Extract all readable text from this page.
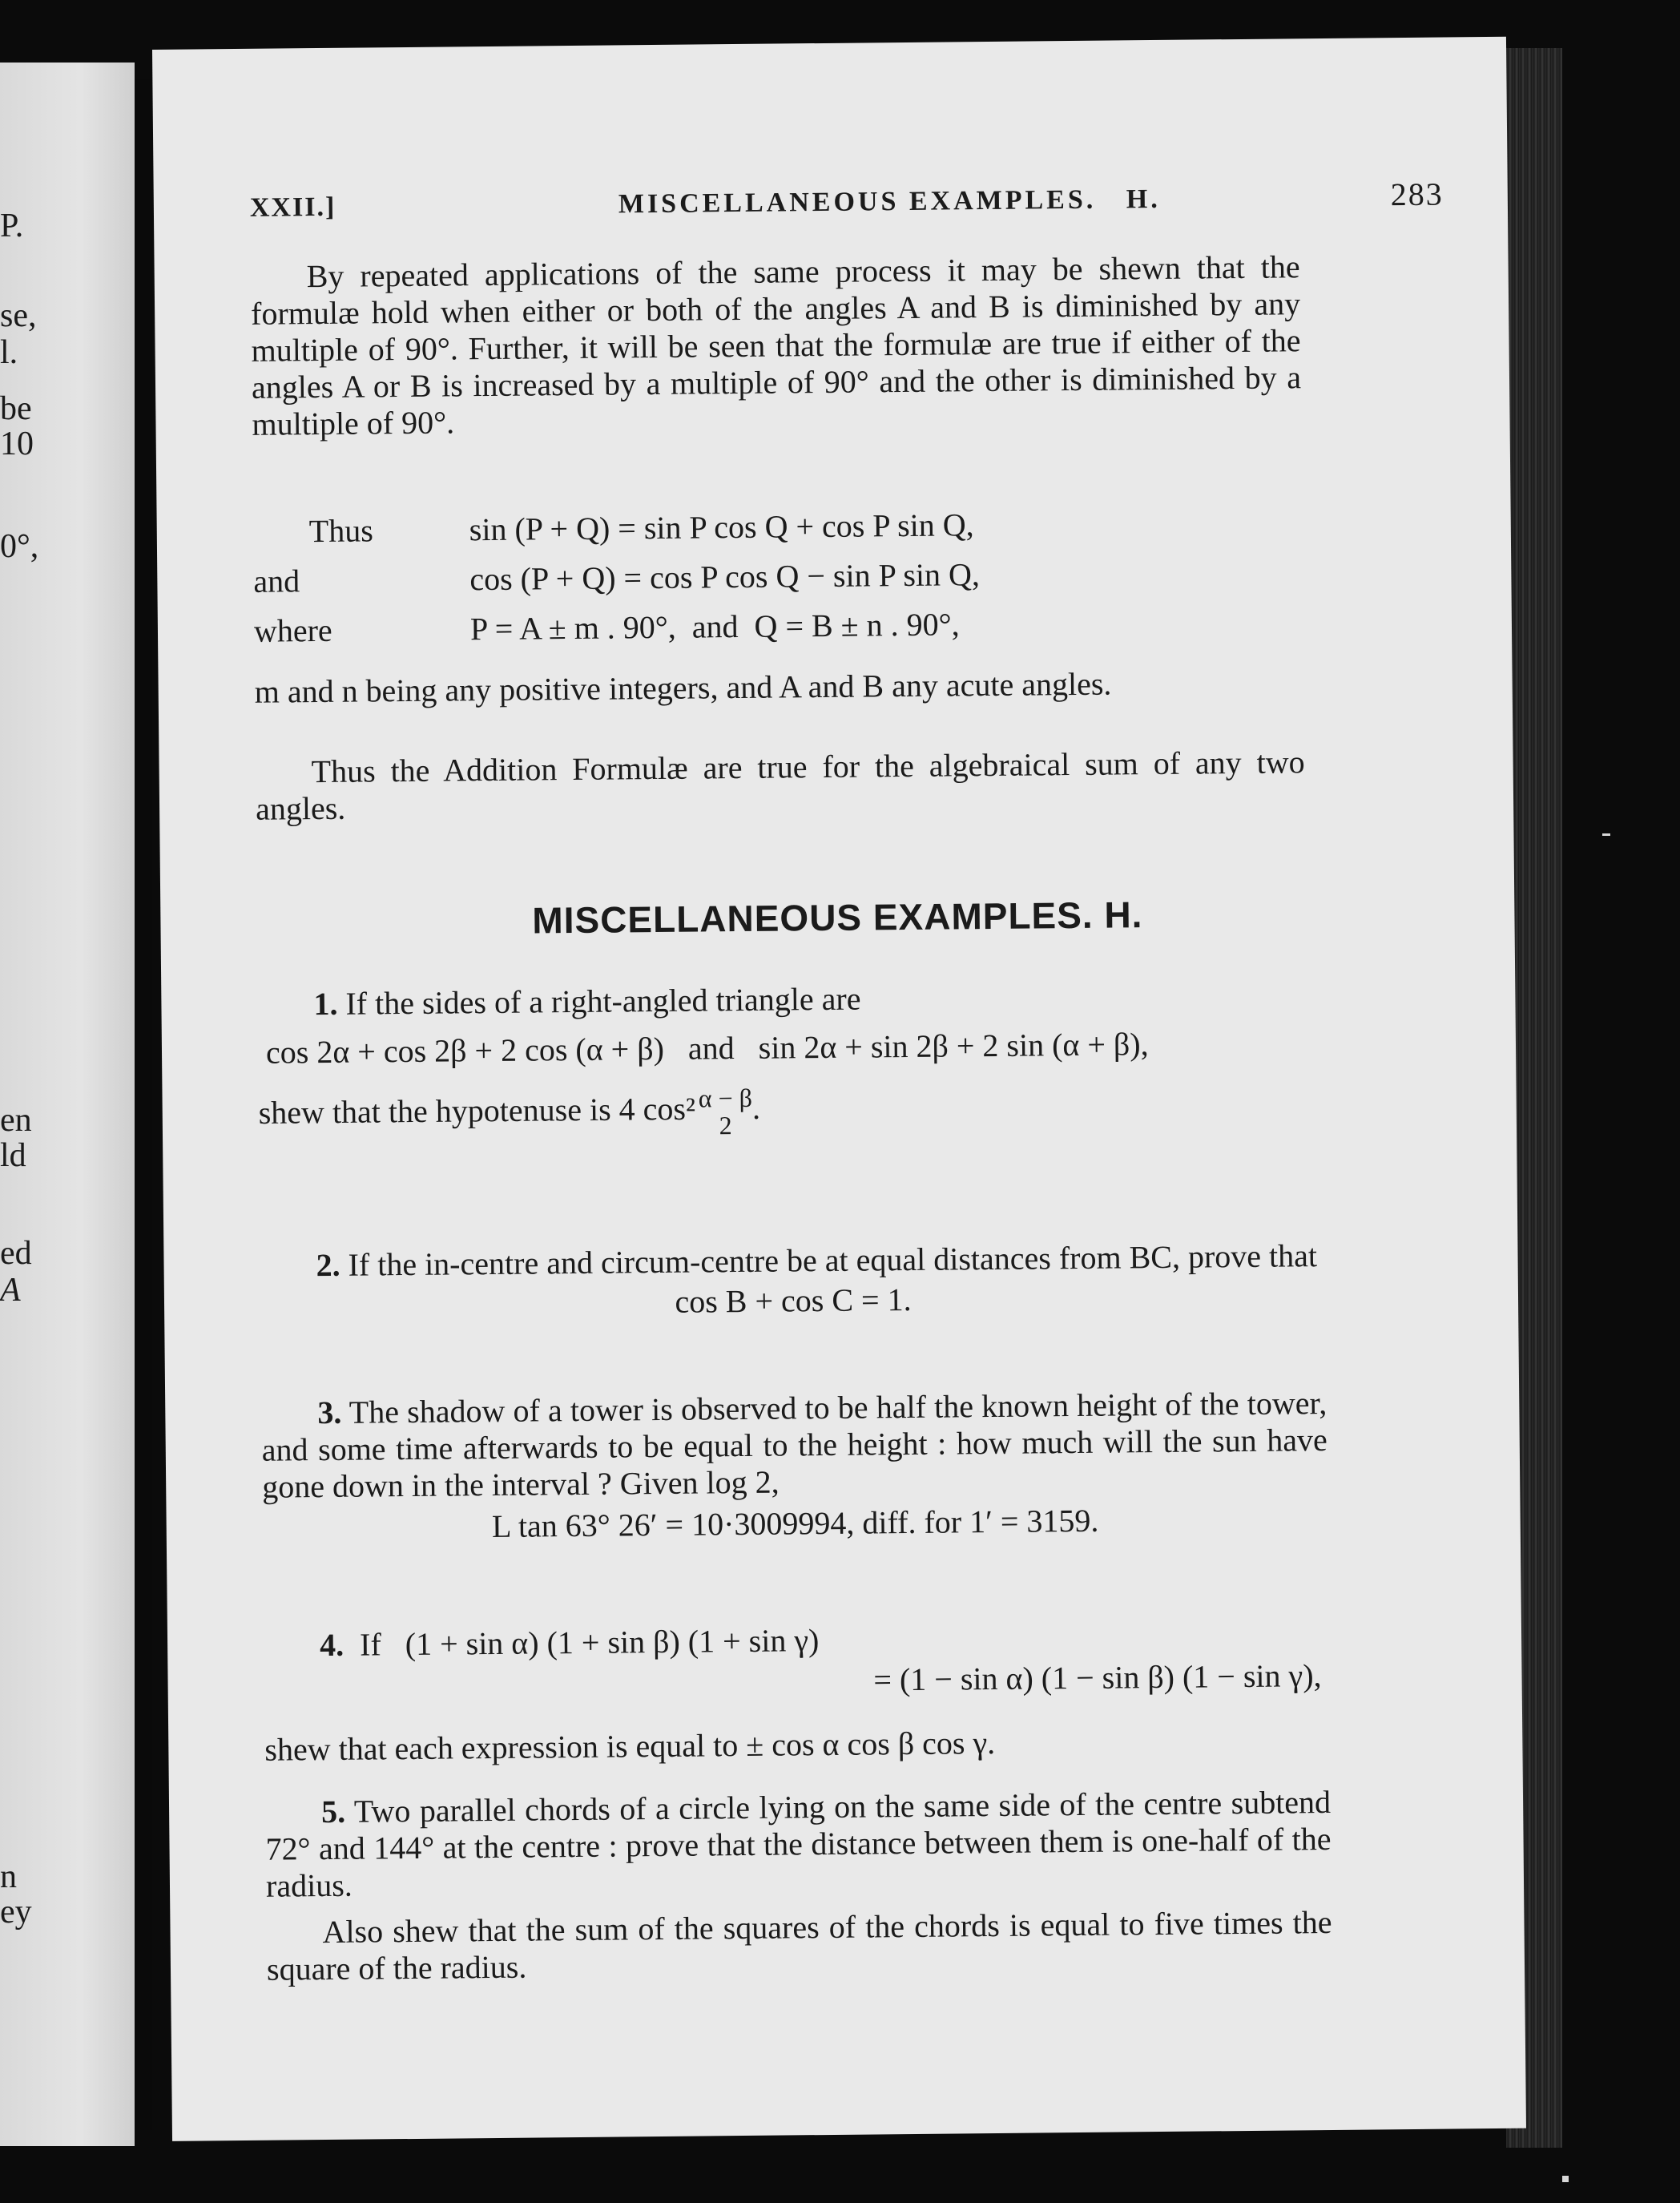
P.
se,
l.
be
10
0°,
en
ld
ed
A
n
ey
XXII.]	MISCELLANEOUS EXAMPLES.   H.	283

By repeated applications of the same process it may be shewn that the formulæ hold when either or both of the angles A and B is diminished by any multiple of 90°. Further, it will be seen that the formulæ are true if either of the angles A or B is increased by a multiple of 90° and the other is diminished by a multiple of 90°.

Thus	sin (P + Q) = sin P cos Q + cos P sin Q,
and	cos (P + Q) = cos P cos Q − sin P sin Q,
where	P = A ± m . 90°,  and  Q = B ± n . 90°,

m and n being any positive integers, and A and B any acute angles.

Thus the Addition Formulæ are true for the algebraical sum of any two angles.

MISCELLANEOUS EXAMPLES. H.

1. If the sides of a right-angled triangle are

cos 2α + cos 2β + 2 cos (α + β)   and   sin 2α + sin 2β + 2 sin (α + β),

shew that the hypotenuse is 4 cos² α − β
2 .

2. If the in-centre and circum-centre be at equal distances from BC, prove that

cos B + cos C = 1.

3. The shadow of a tower is observed to be half the known height of the tower, and some time afterwards to be equal to the height : how much will the sun have gone down in the interval ? Given log 2,

L tan 63° 26′ = 10·3009994, diff. for 1′ = 3159.

4. If   (1 + sin α) (1 + sin β) (1 + sin γ)

= (1 − sin α) (1 − sin β) (1 − sin γ),

shew that each expression is equal to ± cos α cos β cos γ.

5. Two parallel chords of a circle lying on the same side of the centre subtend 72° and 144° at the centre : prove that the distance between them is one-half of the radius.

Also shew that the sum of the squares of the chords is equal to five times the square of the radius.
